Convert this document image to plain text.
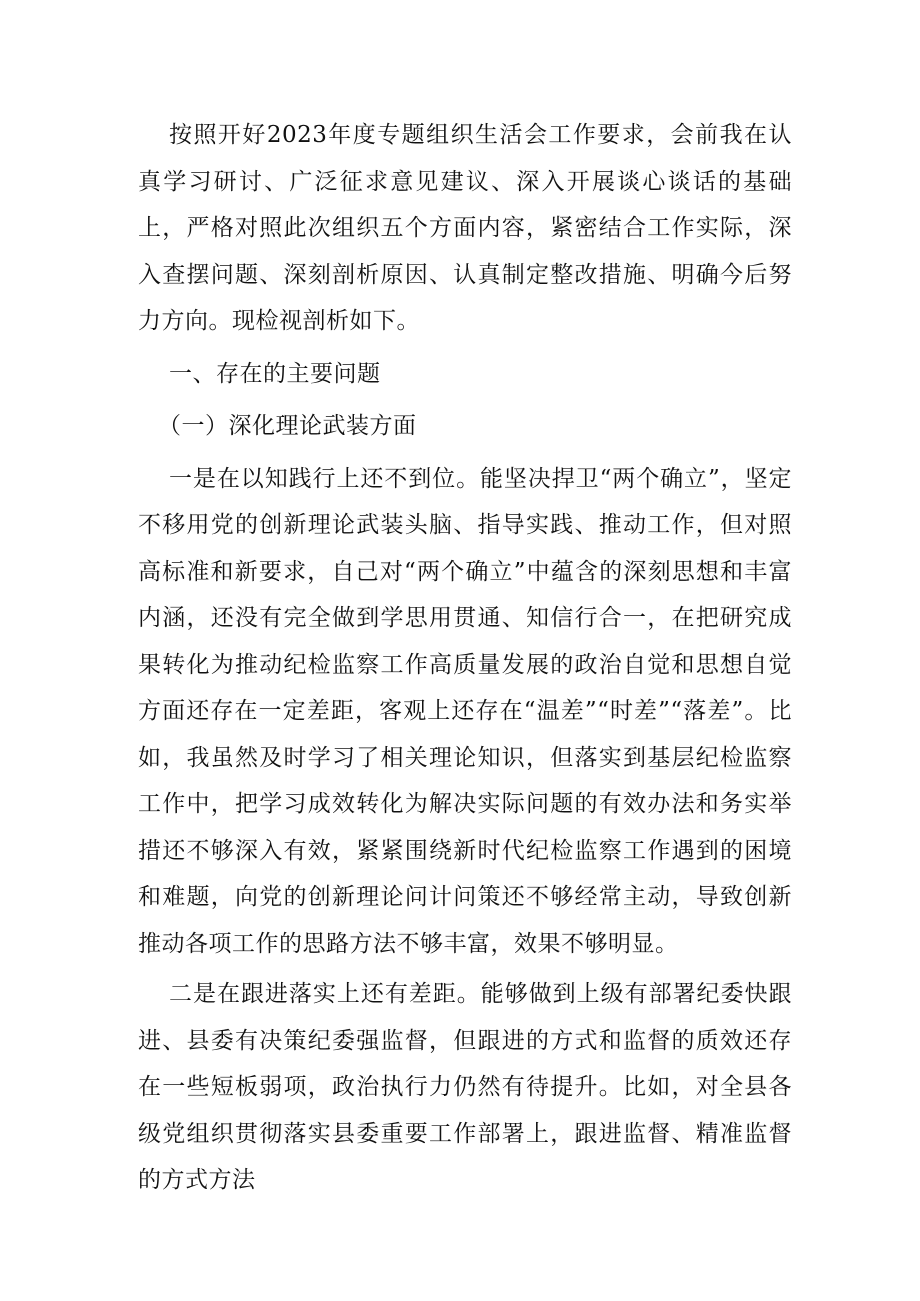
按照开好2023年度专题组织生活会工作要求，会前我在认真学习研讨、广泛征求意见建议、深入开展谈心谈话的基础上，严格对照此次组织五个方面内容，紧密结合工作实际，深入查摆问题、深刻剖析原因、认真制定整改措施、明确今后努力方向。现检视剖析如下。

一、存在的主要问题

（一）深化理论武装方面

一是在以知践行上还不到位。能坚决捍卫“两个确立”，坚定不移用党的创新理论武装头脑、指导实践、推动工作，但对照高标准和新要求，自己对“两个确立”中蕴含的深刻思想和丰富内涵，还没有完全做到学思用贯通、知信行合一，在把研究成果转化为推动纪检监察工作高质量发展的政治自觉和思想自觉方面还存在一定差距，客观上还存在“温差”“时差”“落差”。比如，我虽然及时学习了相关理论知识，但落实到基层纪检监察工作中，把学习成效转化为解决实际问题的有效办法和务实举措还不够深入有效，紧紧围绕新时代纪检监察工作遇到的困境和难题，向党的创新理论问计问策还不够经常主动，导致创新推动各项工作的思路方法不够丰富，效果不够明显。

二是在跟进落实上还有差距。能够做到上级有部署纪委快跟进、县委有决策纪委强监督，但跟进的方式和监督的质效还存在一些短板弱项，政治执行力仍然有待提升。比如，对全县各级党组织贯彻落实县委重要工作部署上，跟进监督、精准监督的方式方法
